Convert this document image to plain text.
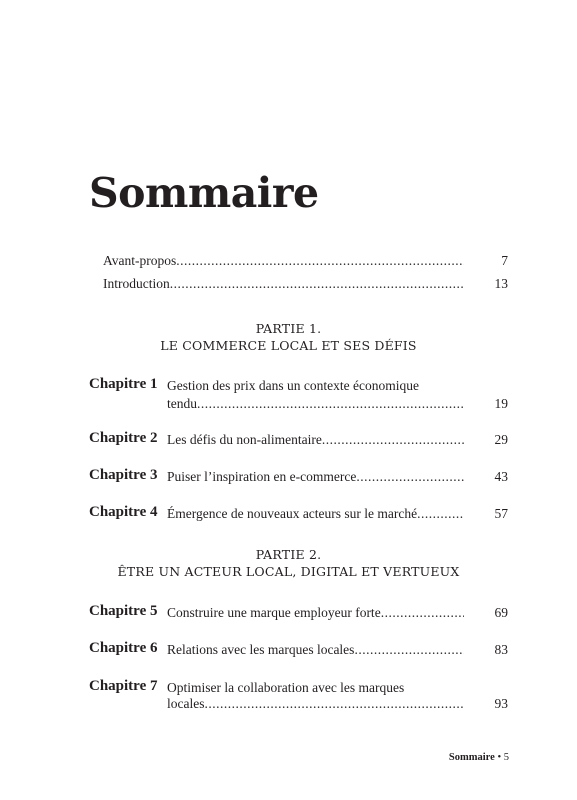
Sommaire
Avant-propos .....	7
Introduction .....	13
PARTIE 1.
LE COMMERCE LOCAL ET SES DÉFIS
Chapitre 1 Gestion des prix dans un contexte économique
tendu .....	19
Chapitre 2 Les défis du non-alimentaire .....	29
Chapitre 3 Puiser l’inspiration en e-commerce .....	43
Chapitre 4 Émergence de nouveaux acteurs sur le marché .....	57
PARTIE 2.
ÊTRE UN ACTEUR LOCAL, DIGITAL ET VERTUEUX
Chapitre 5 Construire une marque employeur forte .....	69
Chapitre 6 Relations avec les marques locales .....	83
Chapitre 7 Optimiser la collaboration avec les marques
locales .....	93
Sommaire • 5
